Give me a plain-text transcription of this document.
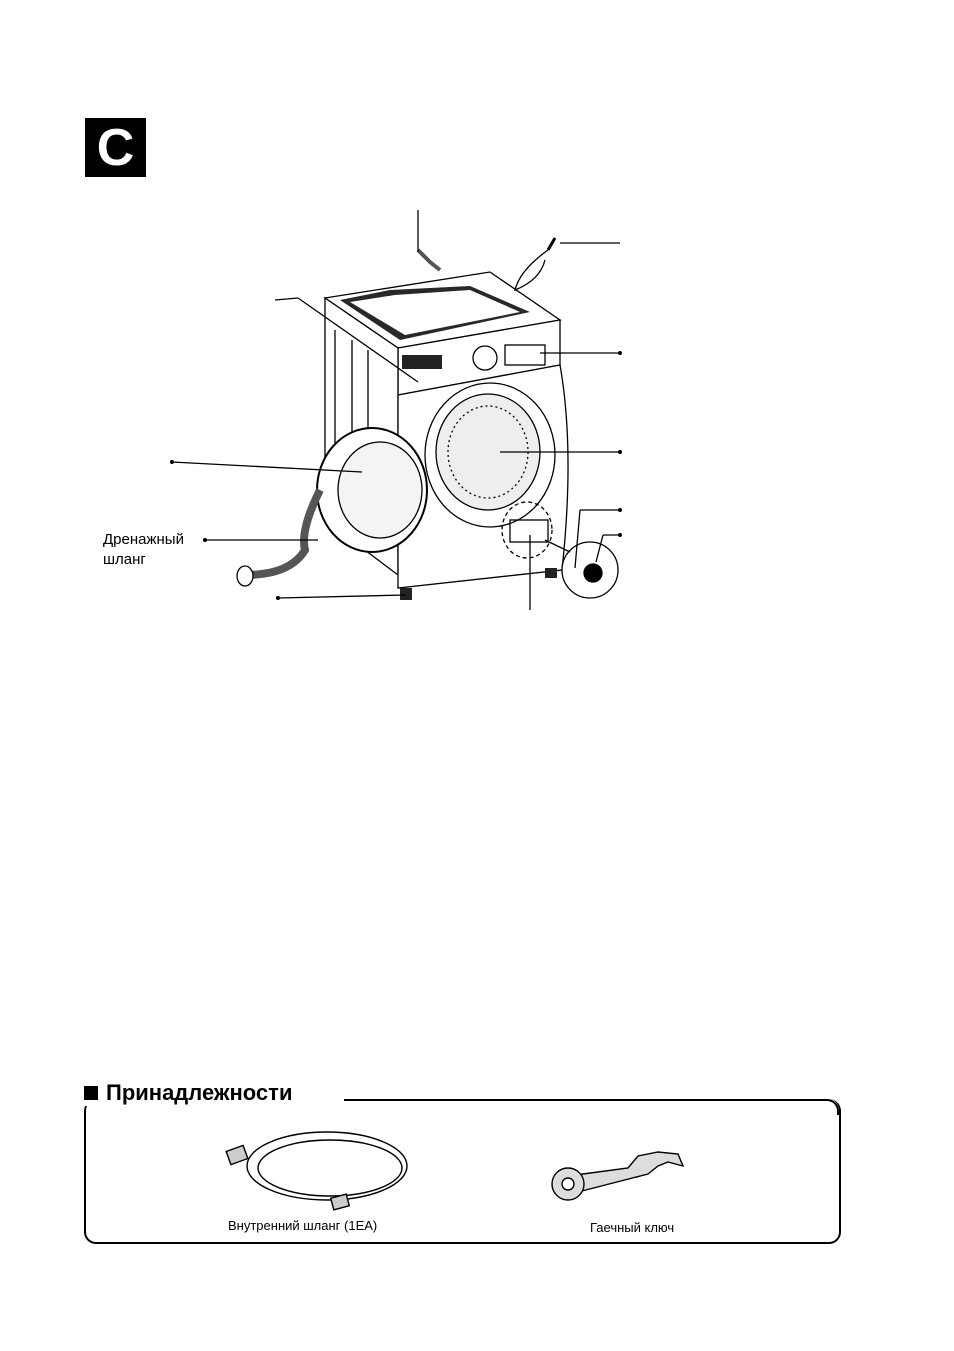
C
Дренажный
шланг
Принадлежности
Внутренний шланг (1EA)	Гаечный ключ
